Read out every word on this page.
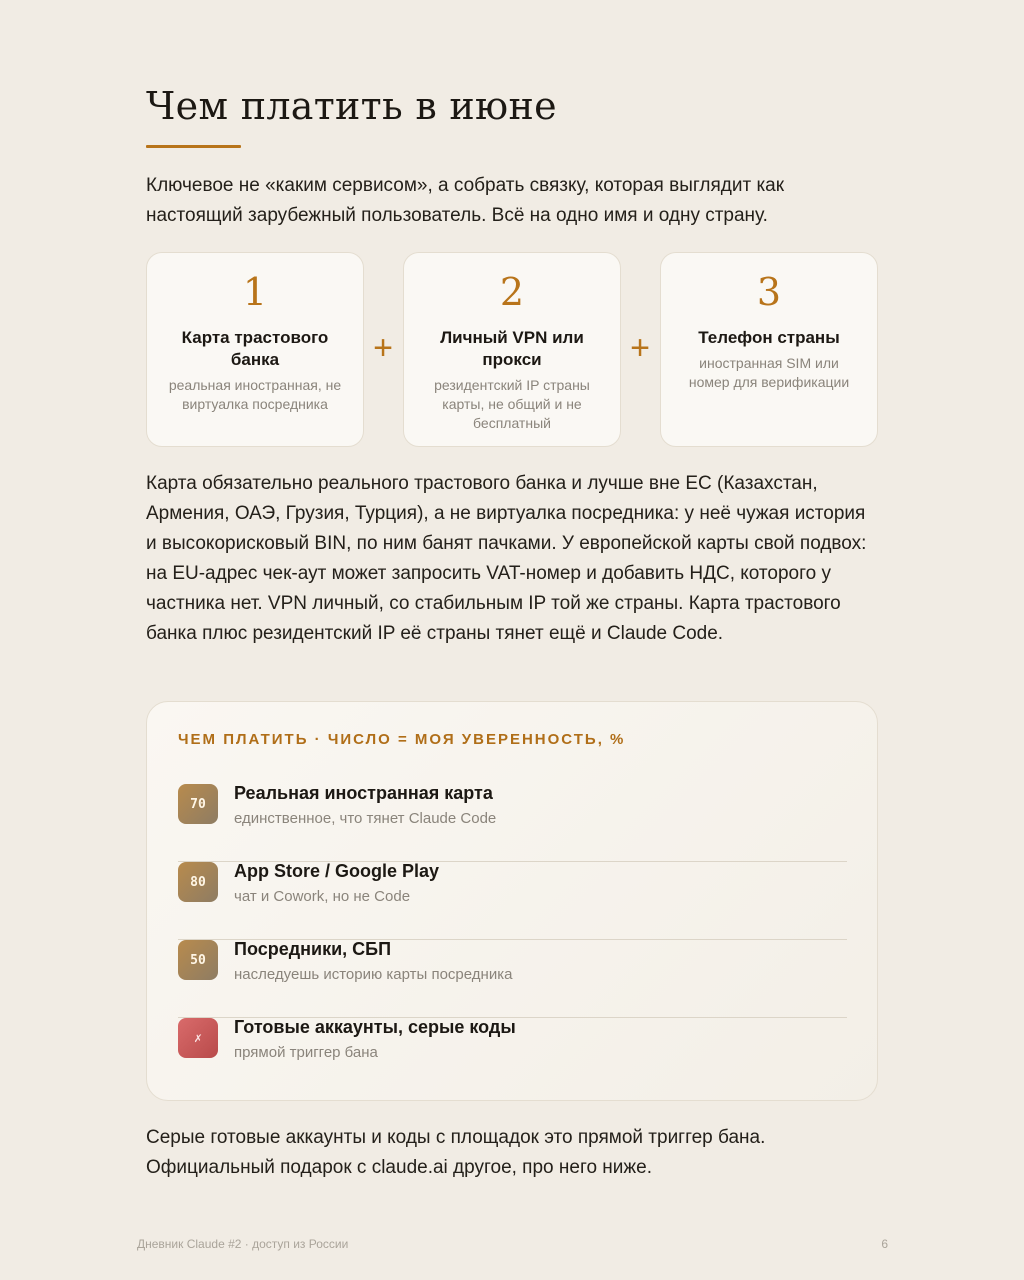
Чем платить в июне

Ключевое не «каким сервисом», а собрать связку, которая выглядит как настоящий зарубежный пользователь. Всё на одно имя и одну страну.

1
Карта трастового банка
реальная иностранная, не виртуалка посредника
+
2
Личный VPN или прокси
резидентский IP страны карты, не общий и не бесплатный
+
3
Телефон страны
иностранная SIM или номер для верификации

Карта обязательно реального трастового банка и лучше вне ЕС (Казахстан, Армения, ОАЭ, Грузия, Турция), а не виртуалка посредника: у неё чужая история и высокорисковый BIN, по ним банят пачками. У европейской карты свой подвох: на EU-адрес чек-аут может запросить VAT-номер и добавить НДС, которого у частника нет. VPN личный, со стабильным IP той же страны. Карта трастового банка плюс резидентский IP её страны тянет ещё и Claude Code.

ЧЕМ ПЛАТИТЬ · ЧИСЛО = МОЯ УВЕРЕННОСТЬ, %
70
Реальная иностранная карта
единственное, что тянет Claude Code
80
App Store / Google Play
чат и Cowork, но не Code
50
Посредники, СБП
наследуешь историю карты посредника
✗
Готовые аккаунты, серые коды
прямой триггер бана

Серые готовые аккаунты и коды с площадок это прямой триггер бана. Официальный подарок с claude.ai другое, про него ниже.

Дневник Claude #2 · доступ из России	6
